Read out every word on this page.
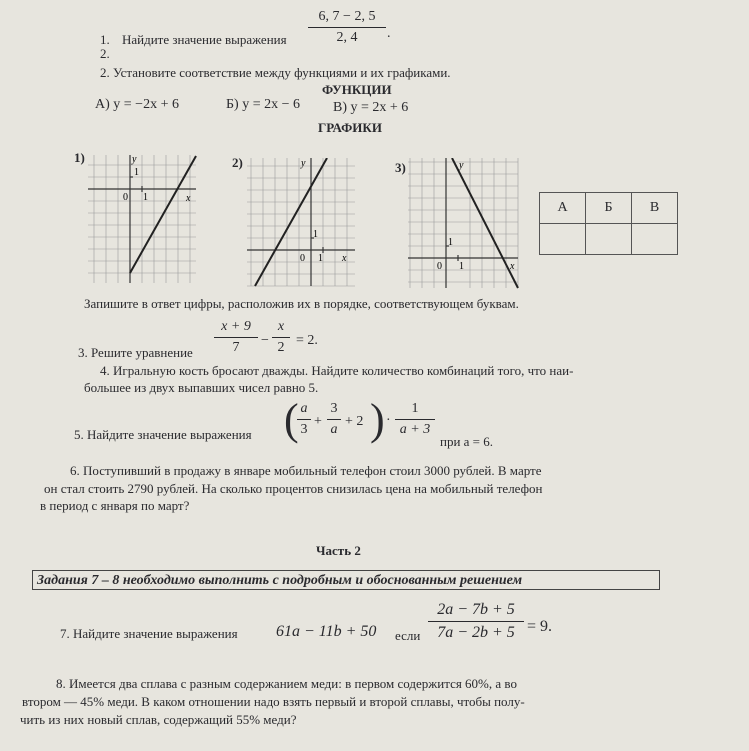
1. Найдите значение выражения
6, 7 − 2, 5
2, 4	.
2.
2. Установите соответствие между функциями и их графиками.
ФУНКЦИИ
А) y = −2x + 6	Б) y = 2x − 6 В) y = 2x + 6
ГРАФИКИ
1)	y
x
0
1
1
2)	y
x
0
1
1
3)	y
x
0
1
1
А	Б	В

Запишите в ответ цифры, расположив их в порядке, соответствующем буквам.
3. Решите уравнение
x + 9
7	−
x
2 = 2.
4. Игральную кость бросают дважды. Найдите количество комбинаций того, что наи-
большее из двух выпавших чисел равно 5.
5. Найдите значение выражения ( a
3
+
3
a
+ 2 ) ·
1
a + 3
при a = 6.
6. Поступивший в продажу в январе мобильный телефон стоил 3000 рублей. В марте
он стал стоить 2790 рублей. На сколько процентов снизилась цена на мобильный телефон
в период с января по март?
Часть 2
Задания 7 – 8 необходимо выполнить с подробным и обоснованным решением
7. Найдите значение выражения 61a − 11b + 50 если
2a − 7b + 5
7a − 2b + 5 = 9.
8. Имеется два сплава с разным содержанием меди: в первом содержится 60%, а во
втором — 45% меди. В каком отношении надо взять первый и второй сплавы, чтобы полу-
чить из них новый сплав, содержащий 55% меди?
